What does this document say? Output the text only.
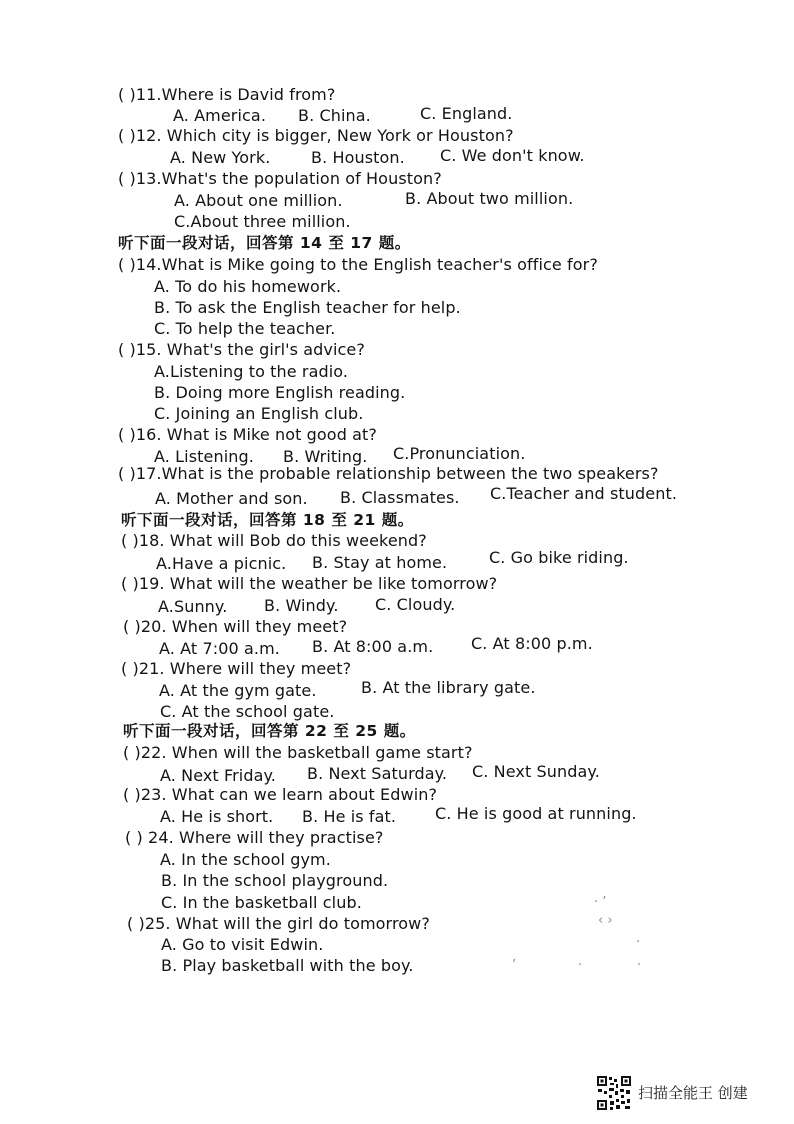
( )11.Where is David from?
A. America. B. China.	C. England.
( )12. Which city is bigger, New York or Houston?
A. New York.	B. Houston. C. We don't know.
( )13.What's the population of Houston?
A. About one million.	B. About two million.
C.About three million.
听下面一段对话，回答第 14 至 17 题。
( )14.What is Mike going to the English teacher's office for?
A. To do his homework.
B. To ask the English teacher for help.
C. To help the teacher.
( )15. What's the girl's advice?
A.Listening to the radio.
B. Doing more English reading.
C. Joining an English club.
( )16. What is Mike not good at?
A. Listening. B. Writing. C.Pronunciation.
( )17.What is the probable relationship between the two speakers?
A. Mother and son. B. Classmates. C.Teacher and student.
听下面一段对话，回答第 18 至 21 题。
( )18. What will Bob do this weekend?
A.Have a picnic. B. Stay at home.	C. Go bike riding.
( )19. What will the weather be like tomorrow?
A.Sunny. B. Windy. C. Cloudy.
( )20. When will they meet?
A. At 7:00 a.m. B. At 8:00 a.m. C. At 8:00 p.m.
( )21. Where will they meet?
A. At the gym gate.	B. At the library gate.
C. At the school gate.
听下面一段对话，回答第 22 至 25 题。
( )22. When will the basketball game start?
A. Next Friday. B. Next Saturday. C. Next Sunday.
( )23. What can we learn about Edwin?
A. He is short. B. He is fat. C. He is good at running.
( ) 24. Where will they practise?
A. In the school gym.
B. In the school playground.
C. In the basketball club.
( )25. What will the girl do tomorrow?
A. Go to visit Edwin.
B. Play basketball with the boy.
· ’
‹ ›
·
’	·	·
扫描全能王 创建
